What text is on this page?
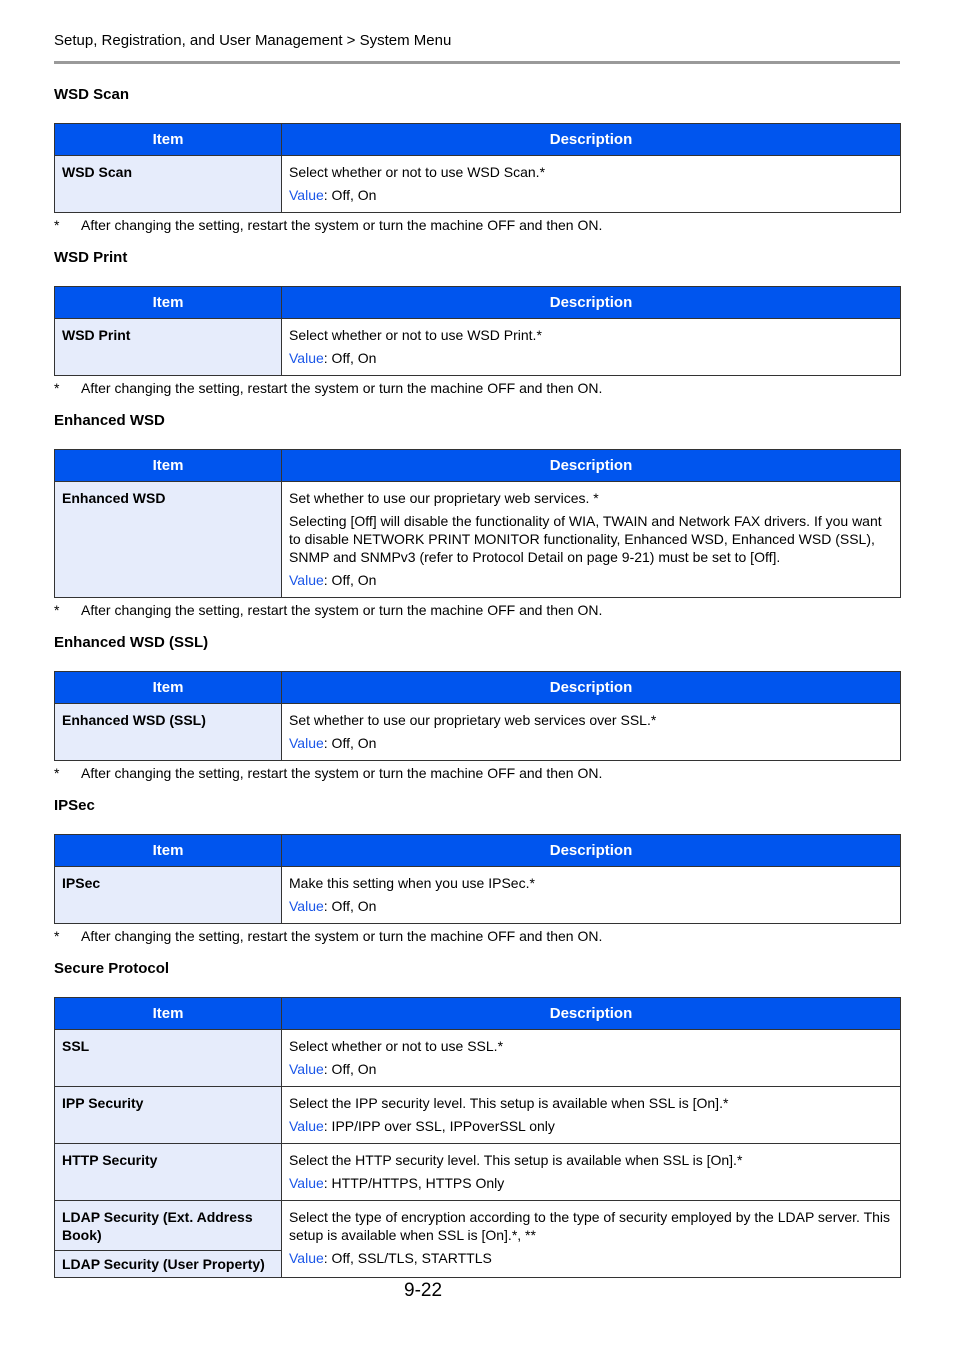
Setup, Registration, and User Management > System Menu
WSD Scan
Item	Description
WSD Scan	Select whether or not to use WSD Scan.*

Value: Off, On

* After changing the setting, restart the system or turn the machine OFF and then ON.
WSD Print
Item	Description
WSD Print	Select whether or not to use WSD Print.*

Value: Off, On

* After changing the setting, restart the system or turn the machine OFF and then ON.
Enhanced WSD
Item	Description
Enhanced WSD	Set whether to use our proprietary web services. *

Selecting [Off] will disable the functionality of WIA, TWAIN and Network FAX drivers. If you want to disable NETWORK PRINT MONITOR functionality, Enhanced WSD, Enhanced WSD (SSL), SNMP and SNMPv3 (refer to Protocol Detail on page 9-21) must be set to [Off].

Value: Off, On

* After changing the setting, restart the system or turn the machine OFF and then ON.
Enhanced WSD (SSL)
Item	Description
Enhanced WSD (SSL)	Set whether to use our proprietary web services over SSL.*

Value: Off, On

* After changing the setting, restart the system or turn the machine OFF and then ON.
IPSec
Item	Description
IPSec	Make this setting when you use IPSec.*

Value: Off, On

* After changing the setting, restart the system or turn the machine OFF and then ON.
Secure Protocol
Item	Description
SSL	Select whether or not to use SSL.*

Value: Off, On

IPP Security	Select the IPP security level. This setup is available when SSL is [On].*

Value: IPP/IPP over SSL, IPPoverSSL only

HTTP Security	Select the HTTP security level. This setup is available when SSL is [On].*

Value: HTTP/HTTPS, HTTPS Only

LDAP Security (Ext. Address Book)	Select the type of encryption according to the type of security employed by the LDAP server. This setup is available when SSL is [On].*, **

Value: Off, SSL/TLS, STARTTLS

LDAP Security (User Property)	
9-22
